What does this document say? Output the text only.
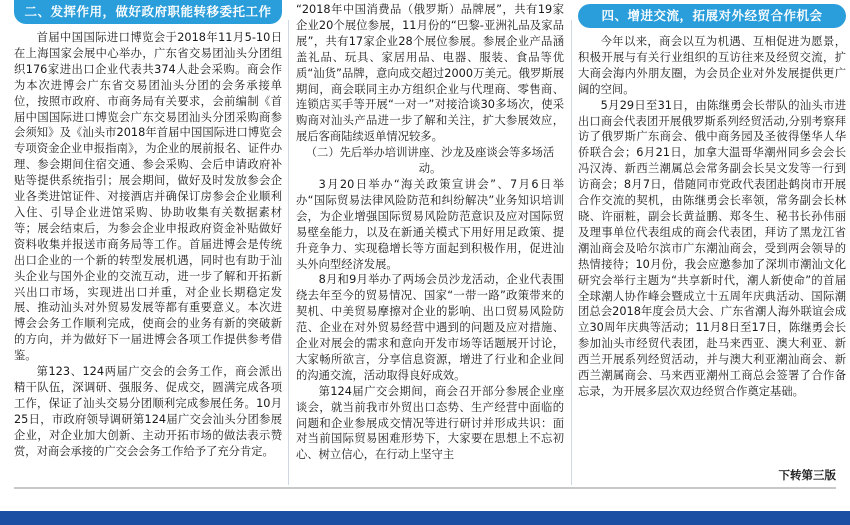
二、发挥作用，做好政府职能转移委托工作

首届中国国际进口博览会于2018年11月5-10日在上海国家会展中心举办，广东省交易团汕头分团组织176家进出口企业代表共374人赴会采购。商会作为本次进博会广东省交易团汕头分团的会务承接单位，按照市政府、市商务局有关要求，会前编制《首届中国国际进口博览会广东交易团汕头分团采购商参会须知》及《汕头市2018年首届中国国际进口博览会专项资金企业申报指南》，为企业的展前报名、证件办理、参会期间住宿交通、参会采购、会后申请政府补贴等提供系统指引；展会期间，做好及时发放参会企业各类进馆证件、对接酒店并确保订房参会企业顺利入住、引导企业进馆采购、协助收集有关数据素材等；展会结束后，为参会企业申报政府资金补贴做好资料收集并报送市商务局等工作。首届进博会是传统出口企业的一个新的转型发展机遇，同时也有助于汕头企业与国外企业的交流互动，进一步了解和开拓新兴出口市场，实现进出口并重，对企业长期稳定发展、推动汕头对外贸易发展等都有重要意义。本次进博会会务工作顺利完成，使商会的业务有新的突破新的方向，并为做好下一届进博会各项工作提供参考借鉴。

第123、124两届广交会的会务工作，商会派出精干队伍，深调研、强服务、促成交，圆满完成各项工作，保证了汕头交易分团顺利完成参展任务。10月25日，市政府领导调研第124届广交会汕头分团参展企业，对企业加大创新、主动开拓市场的做法表示赞赏，对商会承接的广交会会务工作给予了充分肯定。

“2018年中国消费品（俄罗斯）品牌展”，共有19家企业20个展位参展，11月份的“巴黎-亚洲礼品及家品展”，共有17家企业28个展位参展。参展企业产品涵盖礼品、玩具、家居用品、电器、服装、食品等优质“汕货”品牌，意向成交超过2000万美元。俄罗斯展期间，商会联同主办方组织企业与代理商、零售商、连锁店买手等开展“一对一”对接洽谈30多场次，使采购商对汕头产品进一步了解和关注，扩大参展效应，展后客商陆续返单情况较多。

（二）先后举办培训讲座、沙龙及座谈会等多场活动。

3月20日举办“海关政策宣讲会”、7月6日举办“国际贸易法律风险防范和纠纷解决”业务知识培训会，为企业增强国际贸易风险防范意识及应对国际贸易壁垒能力，以及在新通关模式下用好用足政策、提升竞争力、实现稳增长等方面起到积极作用，促进汕头外向型经济发展。

8月和9月举办了两场会员沙龙活动，企业代表围绕去年至今的贸易情况、国家“一带一路”政策带来的契机、中美贸易摩擦对企业的影响、出口贸易风险防范、企业在对外贸易经营中遇到的问题及应对措施、企业对展会的需求和意向开发市场等话题展开讨论，大家畅所欲言，分享信息资源，增进了行业和企业间的沟通交流，活动取得良好成效。

第124届广交会期间，商会召开部分参展企业座谈会，就当前我市外贸出口态势、生产经营中面临的问题和企业参展成交情况等进行研讨并形成共识：面对当前国际贸易困难形势下，大家要在思想上不忘初心、树立信心，在行动上坚守主

四、增进交流，拓展对外经贸合作机会

今年以来，商会以互为机遇、互相促进为愿景，积极开展与有关行业组织的互访往来及经贸交流，扩大商会海内外朋友圈，为会员企业对外发展提供更广阔的空间。

5月29日至31日，由陈继勇会长带队的汕头市进出口商会代表团开展俄罗斯系列经贸活动,分别考察拜访了俄罗斯广东商会、俄中商务园及圣彼得堡华人华侨联合会；6月21日，加拿大温哥华潮州同乡会会长冯汉涛、新西兰潮属总会常务副会长吴文发等一行到访商会；8月7日，借随同市党政代表团赴鹤岗市开展合作交流的契机，由陈继勇会长率领，常务副会长林晓、许丽粧，副会长黄益鹏、郑冬生、秘书长孙伟丽及理事单位代表组成的商会代表团，拜访了黑龙江省潮汕商会及哈尔滨市广东潮汕商会，受到两会领导的热情接待；10月份，我会应邀参加了深圳市潮汕文化研究会举行主题为“共享新时代，潮人新使命”的首届全球潮人协作峰会暨成立十五周年庆典活动、国际潮团总会2018年度会员大会、广东省潮人海外联谊会成立30周年庆典等活动；11月8日至17日，陈继勇会长参加汕头市经贸代表团，赴马来西亚、澳大利亚、新西兰开展系列经贸活动，并与澳大利亚潮汕商会、新西兰潮属商会、马来西亚潮州工商总会签署了合作备忘录，为开展多层次双边经贸合作奠定基础。

下转第三版
